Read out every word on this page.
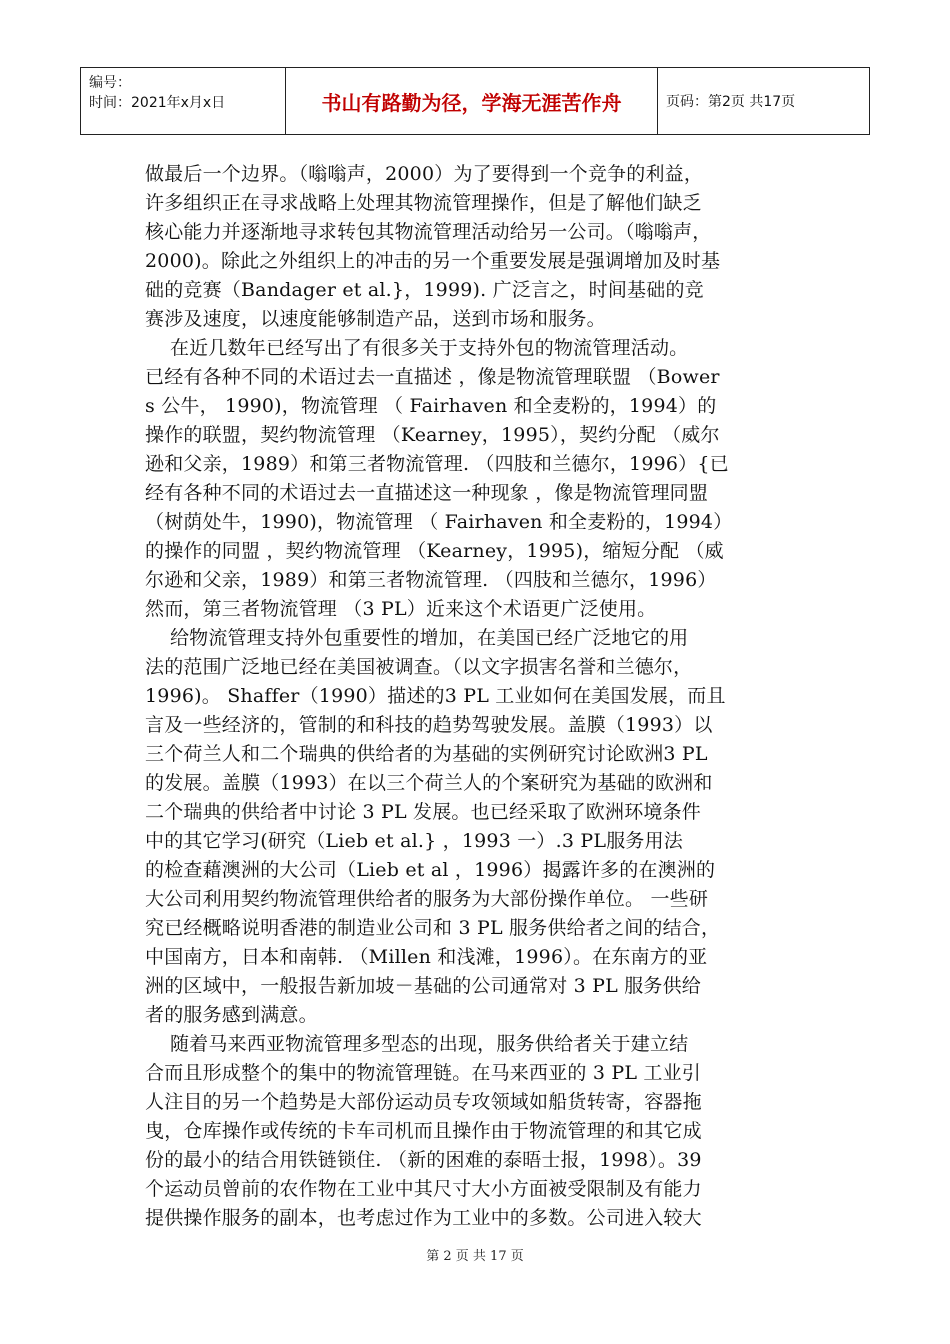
编号：
时间：2021年x月x日	书山有路勤为径，学海无涯苦作舟	页码：第2页 共17页
做最后一个边界。（嗡嗡声，2000）为了要得到一个竞争的利益，
许多组织正在寻求战略上处理其物流管理操作，但是了解他们缺乏
核心能力并逐渐地寻求转包其物流管理活动给另一公司。（嗡嗡声，
2000)。除此之外组织上的冲击的另一个重要发展是强调增加及时基
础的竞赛（Bandager et al.}，1999). 广泛言之，时间基础的竞
赛涉及速度，以速度能够制造产品，送到市场和服务。
在近几数年已经写出了有很多关于支持外包的物流管理活动。
已经有各种不同的术语过去一直描述 ，像是物流管理联盟 （Bower
s 公牛， 1990)，物流管理 （ Fairhaven 和全麦粉的，1994）的
操作的联盟，契约物流管理 （Kearney，1995），契约分配 （威尔
逊和父亲，1989）和第三者物流管理. （四肢和兰德尔，1996）{已
经有各种不同的术语过去一直描述这一种现象 ，像是物流管理同盟
（树荫处牛，1990)，物流管理 （ Fairhaven 和全麦粉的，1994）
的操作的同盟 ，契约物流管理 （Kearney，1995)，缩短分配 （威
尔逊和父亲，1989）和第三者物流管理. （四肢和兰德尔，1996）
然而，第三者物流管理 （3 PL）近来这个术语更广泛使用。
给物流管理支持外包重要性的增加，在美国已经广泛地它的用
法的范围广泛地已经在美国被调查。（以文字损害名誉和兰德尔，
1996)。 Shaffer（1990）描述的3 PL 工业如何在美国发展，而且
言及一些经济的，管制的和科技的趋势驾驶发展。盖膜（1993）以
三个荷兰人和二个瑞典的供给者的为基础的实例研究讨论欧洲3 PL
的发展。盖膜（1993）在以三个荷兰人的个案研究为基础的欧洲和
二个瑞典的供给者中讨论 3 PL 发展。也已经采取了欧洲环境条件
中的其它学习(研究（Lieb et al.} ，1993 一）.3 PL服务用法
的检查藉澳洲的大公司（Lieb et al ，1996）揭露许多的在澳洲的
大公司利用契约物流管理供给者的服务为大部份操作单位。 一些研
究已经概略说明香港的制造业公司和 3 PL 服务供给者之间的结合，
中国南方，日本和南韩. （Millen 和浅滩，1996）。在东南方的亚
洲的区域中，一般报告新加坡－基础的公司通常对 3 PL 服务供给
者的服务感到满意。
随着马来西亚物流管理多型态的出现，服务供给者关于建立结
合而且形成整个的集中的物流管理链。在马来西亚的 3 PL 工业引
人注目的另一个趋势是大部份运动员专攻领域如船货转寄，容器拖
曳，仓库操作或传统的卡车司机而且操作由于物流管理的和其它成
份的最小的结合用铁链锁住. （新的困难的泰晤士报，1998）。39
个运动员曾前的农作物在工业中其尺寸大小方面被受限制及有能力
提供操作服务的副本，也考虑过作为工业中的多数。公司进入较大
第 2 页 共 17 页
